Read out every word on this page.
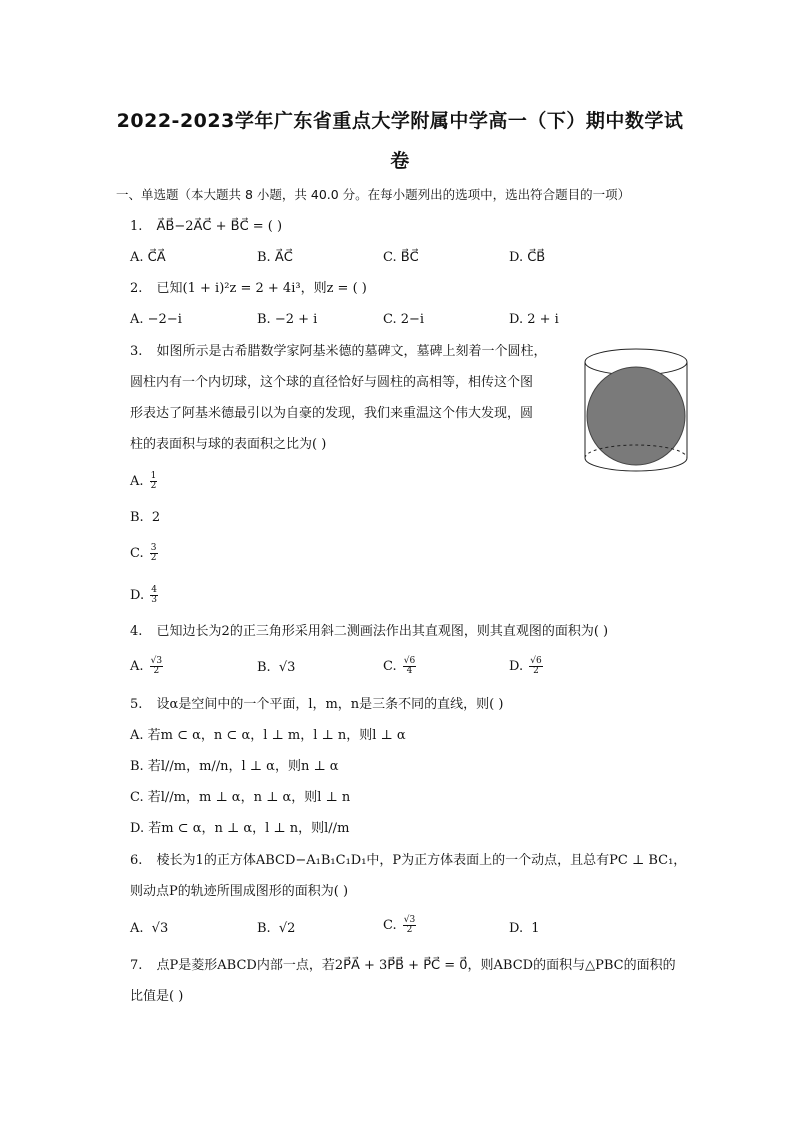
2022-2023学年广东省重点大学附属中学高一（下）期中数学试
卷
一、单选题（本大题共 8 小题，共 40.0 分。在每小题列出的选项中，选出符合题目的一项）
1. A⃗B⃗−2A⃗C⃗ + B⃗C⃗ = ( )
A. C⃗A⃗	B. A⃗C⃗	C. B⃗C⃗	D. C⃗B⃗
2. 已知(1 + i)²z = 2 + 4i³，则z = ( )
A. −2−i	B. −2 + i	C. 2−i	D. 2 + i
3. 如图所示是古希腊数学家阿基米德的墓碑文，墓碑上刻着一个圆柱，
圆柱内有一个内切球，这个球的直径恰好与圆柱的高相等，相传这个图
形表达了阿基米德最引以为自豪的发现，我们来重温这个伟大发现，圆
柱的表面积与球的表面积之比为( )
A. $\frac{1}{2}$
B. 2
C. $\frac{3}{2}$
D. $\frac{4}{3}$
4. 已知边长为2的正三角形采用斜二测画法作出其直观图，则其直观图的面积为( )
A. $\frac{√3}{2}$	B. √3	C. $\frac{√6}{4}$	D. $\frac{√6}{2}$
5. 设α是空间中的一个平面，l，m，n是三条不同的直线，则( )
A. 若m ⊂ α，n ⊂ α，l ⊥ m，l ⊥ n，则l ⊥ α
B. 若l//m，m//n，l ⊥ α，则n ⊥ α
C. 若l//m，m ⊥ α，n ⊥ α，则l ⊥ n
D. 若m ⊂ α，n ⊥ α，l ⊥ n，则l//m
6. 棱长为1的正方体ABCD−A₁B₁C₁D₁中，P为正方体表面上的一个动点，且总有PC ⊥ BC₁，
则动点P的轨迹所围成图形的面积为( )
A. √3	B. √2	C. $\frac{√3}{2}$	D. 1
7. 点P是菱形ABCD内部一点，若2P⃗A⃗ + 3P⃗B⃗ + P⃗C⃗ = 0⃗，则ABCD的面积与△PBC的面积的
比值是( )
